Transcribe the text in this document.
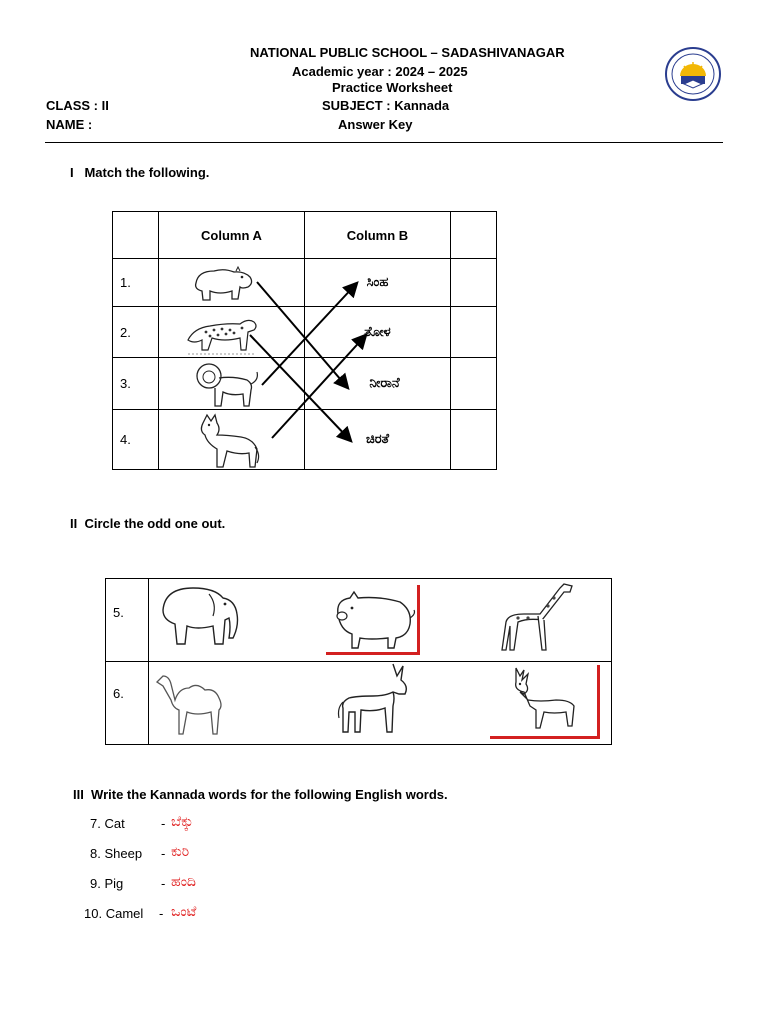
NATIONAL PUBLIC SCHOOL – SADASHIVANAGAR
Academic year : 2024 – 2025
Practice Worksheet
CLASS : II	SUBJECT : Kannada
NAME :	Answer Key
I   Match the following.
	Column A	Column B	
1.		ಸಿಂಹ	
2.		ತೋಳ	
3.		ನೀರಾನೆ	
4.		ಚಿರತೆ	
II  Circle the odd one out.
5.
6.
III  Write the Kannada words for the following English words.
7. Cat	- ಬೆಕ್ಕು
8. Sheep - ಕುರಿ
9. Pig	- ಹಂದಿ
10. Camel - ಒಂಟೆ
